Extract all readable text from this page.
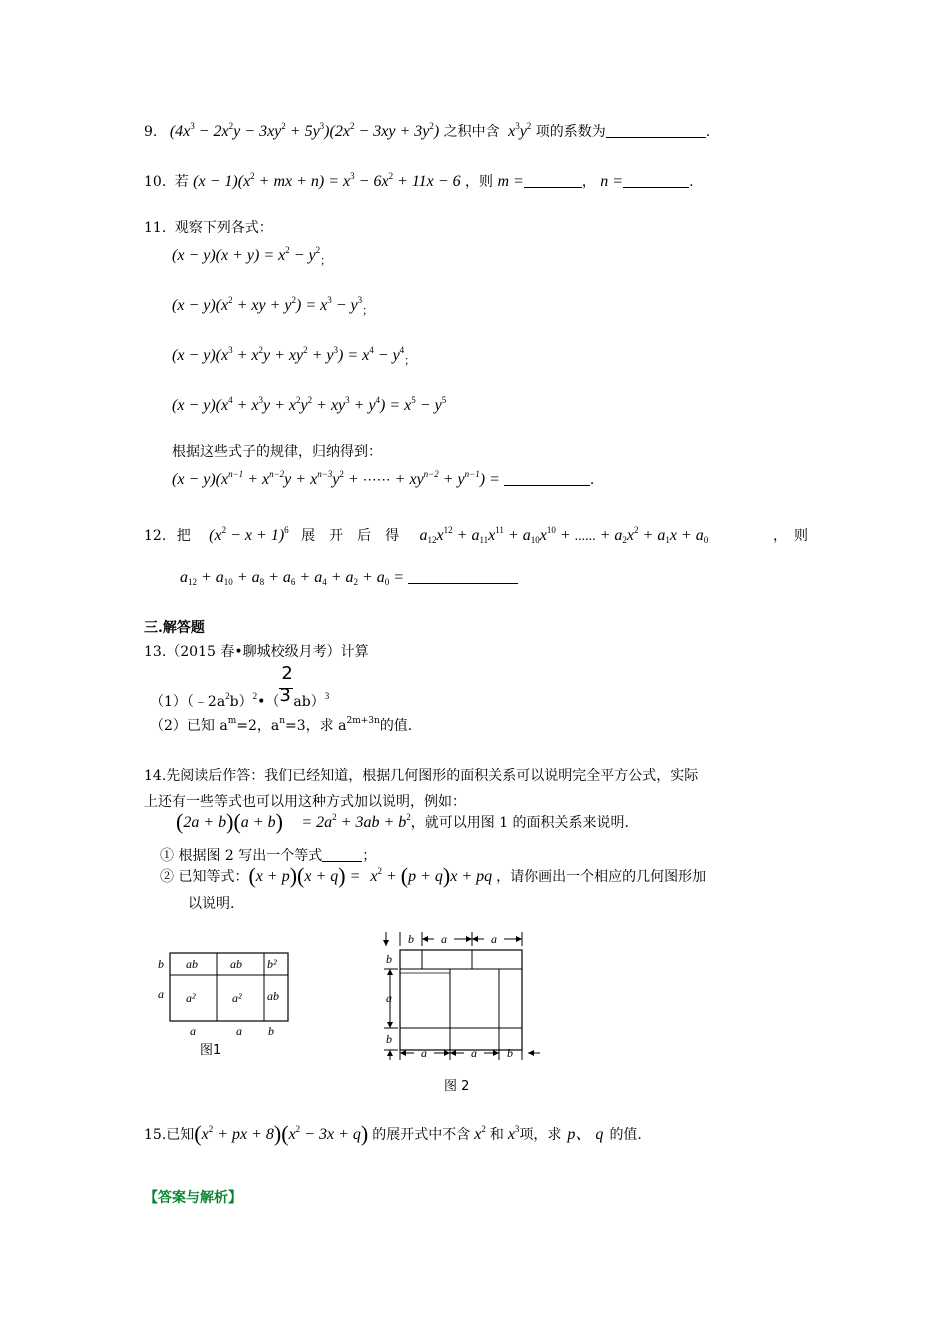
9. $(4x^3 - 2x^2y - 3xy^2 + 5y^3)(2x^2 - 3xy + 3y^2)$ 之积中含 $x^3y^2$ 项的系数为	.
10. 若 $(x - 1)(x^2$ + mx + $n) = x^3 - 6x^2 + 11x - 6$ ，则 m =	， n =	.
11. 观察下列各式：
$(x - y)(x + y) = x^2 - y^2_;$
$(x - y)(x^2$ + xy + $y^2) = x^3 - y^3_;$
$(x - y)(x^3 + x^2y + xy^2 + y^3) = x^4 - y^4_;$
$(x - y)(x^4 + x^3y + x^2y^2 + xy^3 + y^4) = x^5 - y^5$
根据这些式子的规律，归纳得到：
$(x - y)(x^{n-1} + x^{n-2}y + x^{n-3}y^2$ + ⋯⋯ + $xy^{n-2} + y^{n-1}$) =	.
12. 把 $(x^2 - x + 1)^6$ 展　开　后　得 $a_{12}x^{12} + a_{11}x^{11} + a_{10}x^{10}$ + ...... + $a_2x^2 + a_1x + a_0$	，　则
$a_{12} + a_{10} + a_8 + a_6 + a_4 + a_2 + a_0$ =
三.解答题
13.（2015 春•聊城校级月考）计算
$(1)(﹣2a^2b)^2•( \frac{2}{3} ab)^3$
（2）已知 $a^m=2$，$a^n=3$，求 $a^{2m+3n}$的值.
14.先阅读后作答：我们已经知道，根据几何图形的面积关系可以说明完全平方公式，实际
上还有一些等式也可以用这种方式加以说明，例如：
$(2a + b)(a + b) = 2a^2 + 3ab + b^2$，就可以用图 1 的面积关系来说明.
① 根据图 2 写出一个等式	；
② 已知等式：$(x + p)(x + q) = x^2 + (p + q)x$ + pq ，请你画出一个相应的几何图形加
以说明.
ab	ab b²
a²	a² ab
b
a
a	a b
图1
b a	a
b
a
b
a	a	b
图 2
15.已知($x^2$ + px + $8)(x^2 - 3x + q)$ 的展开式中不含 $x^2$ 和 $x^3$项，求 p、 q 的值.
【答案与解析】
